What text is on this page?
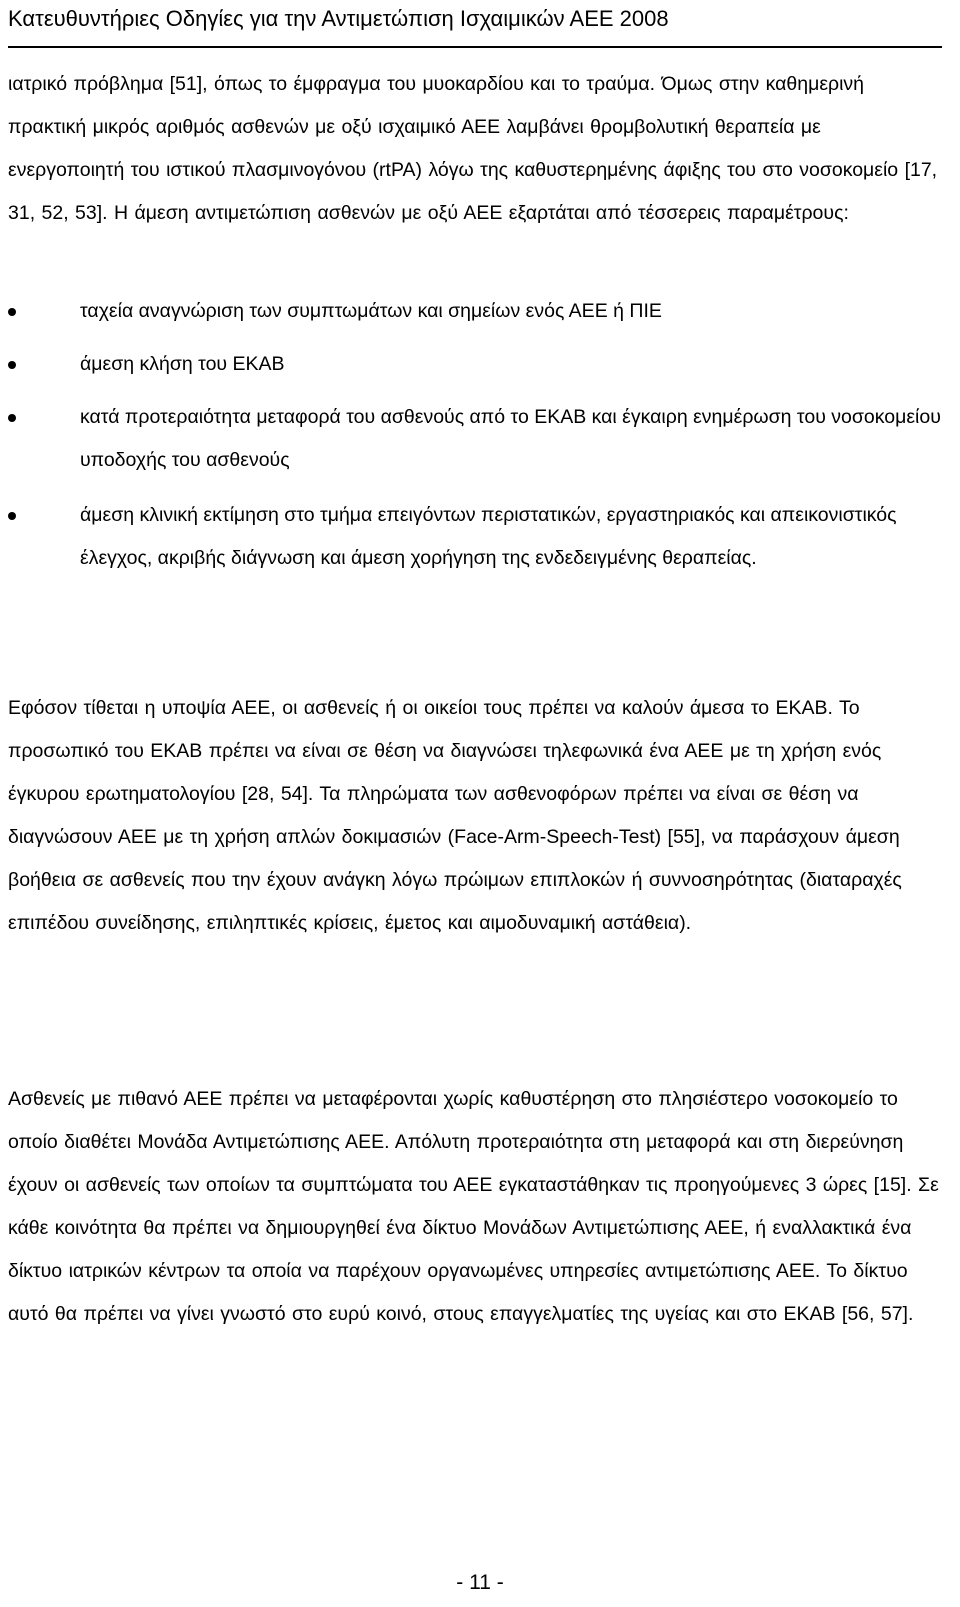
Κατευθυντήριες Οδηγίες για την Αντιμετώπιση Ισχαιμικών ΑΕΕ 2008

ιατρικό πρόβλημα [51], όπως το έμφραγμα του μυοκαρδίου και το τραύμα. Όμως στην καθημερινή πρακτική μικρός αριθμός ασθενών με οξύ ισχαιμικό ΑΕΕ λαμβάνει θρομβολυτική θεραπεία με ενεργοποιητή του ιστικού πλασμινογόνου (rtPA) λόγω της καθυστερημένης άφιξης του στο νοσοκομείο [17, 31, 52, 53]. Η άμεση αντιμετώπιση ασθενών με οξύ ΑΕΕ εξαρτάται από τέσσερεις παραμέτρους:

ταχεία αναγνώριση των συμπτωμάτων και σημείων ενός ΑΕΕ ή ΠΙΕ
άμεση κλήση του ΕΚΑΒ
κατά προτεραιότητα μεταφορά του ασθενούς από το ΕΚΑΒ και έγκαιρη ενημέρωση του νοσοκομείου υποδοχής του ασθενούς
άμεση κλινική εκτίμηση στο τμήμα επειγόντων περιστατικών, εργαστηριακός και απεικονιστικός έλεγχος, ακριβής διάγνωση και άμεση χορήγηση της ενδεδειγμένης θεραπείας.

Εφόσον τίθεται η υποψία ΑΕΕ, οι ασθενείς ή οι οικείοι τους πρέπει να καλούν άμεσα το ΕΚΑΒ. Το προσωπικό του ΕΚΑΒ πρέπει να είναι σε θέση να διαγνώσει τηλεφωνικά ένα ΑΕΕ με τη χρήση ενός έγκυρου ερωτηματολογίου [28, 54]. Τα πληρώματα των ασθενοφόρων πρέπει να είναι σε θέση να διαγνώσουν ΑΕΕ με τη χρήση απλών δοκιμασιών (Face-Arm-Speech-Test) [55], να παράσχουν άμεση βοήθεια σε ασθενείς που την έχουν ανάγκη λόγω πρώιμων επιπλοκών ή συννοσηρότητας (διαταραχές επιπέδου συνείδησης, επιληπτικές κρίσεις, έμετος και αιμοδυναμική αστάθεια).

Ασθενείς με πιθανό ΑΕΕ πρέπει να μεταφέρονται χωρίς καθυστέρηση στο πλησιέστερο νοσοκομείο το οποίο διαθέτει Μονάδα Αντιμετώπισης ΑΕΕ. Απόλυτη προτεραιότητα στη μεταφορά και στη διερεύνηση έχουν οι ασθενείς των οποίων τα συμπτώματα του ΑΕΕ εγκαταστάθηκαν τις προηγούμενες 3 ώρες [15]. Σε κάθε κοινότητα θα πρέπει να δημιουργηθεί ένα δίκτυο Μονάδων Αντιμετώπισης ΑΕΕ, ή εναλλακτικά ένα δίκτυο ιατρικών κέντρων τα οποία να παρέχουν οργανωμένες υπηρεσίες αντιμετώπισης ΑΕΕ. Το δίκτυο αυτό θα πρέπει να γίνει γνωστό στο ευρύ κοινό, στους επαγγελματίες της υγείας και στο ΕΚΑΒ [56, 57].

- 11 -
